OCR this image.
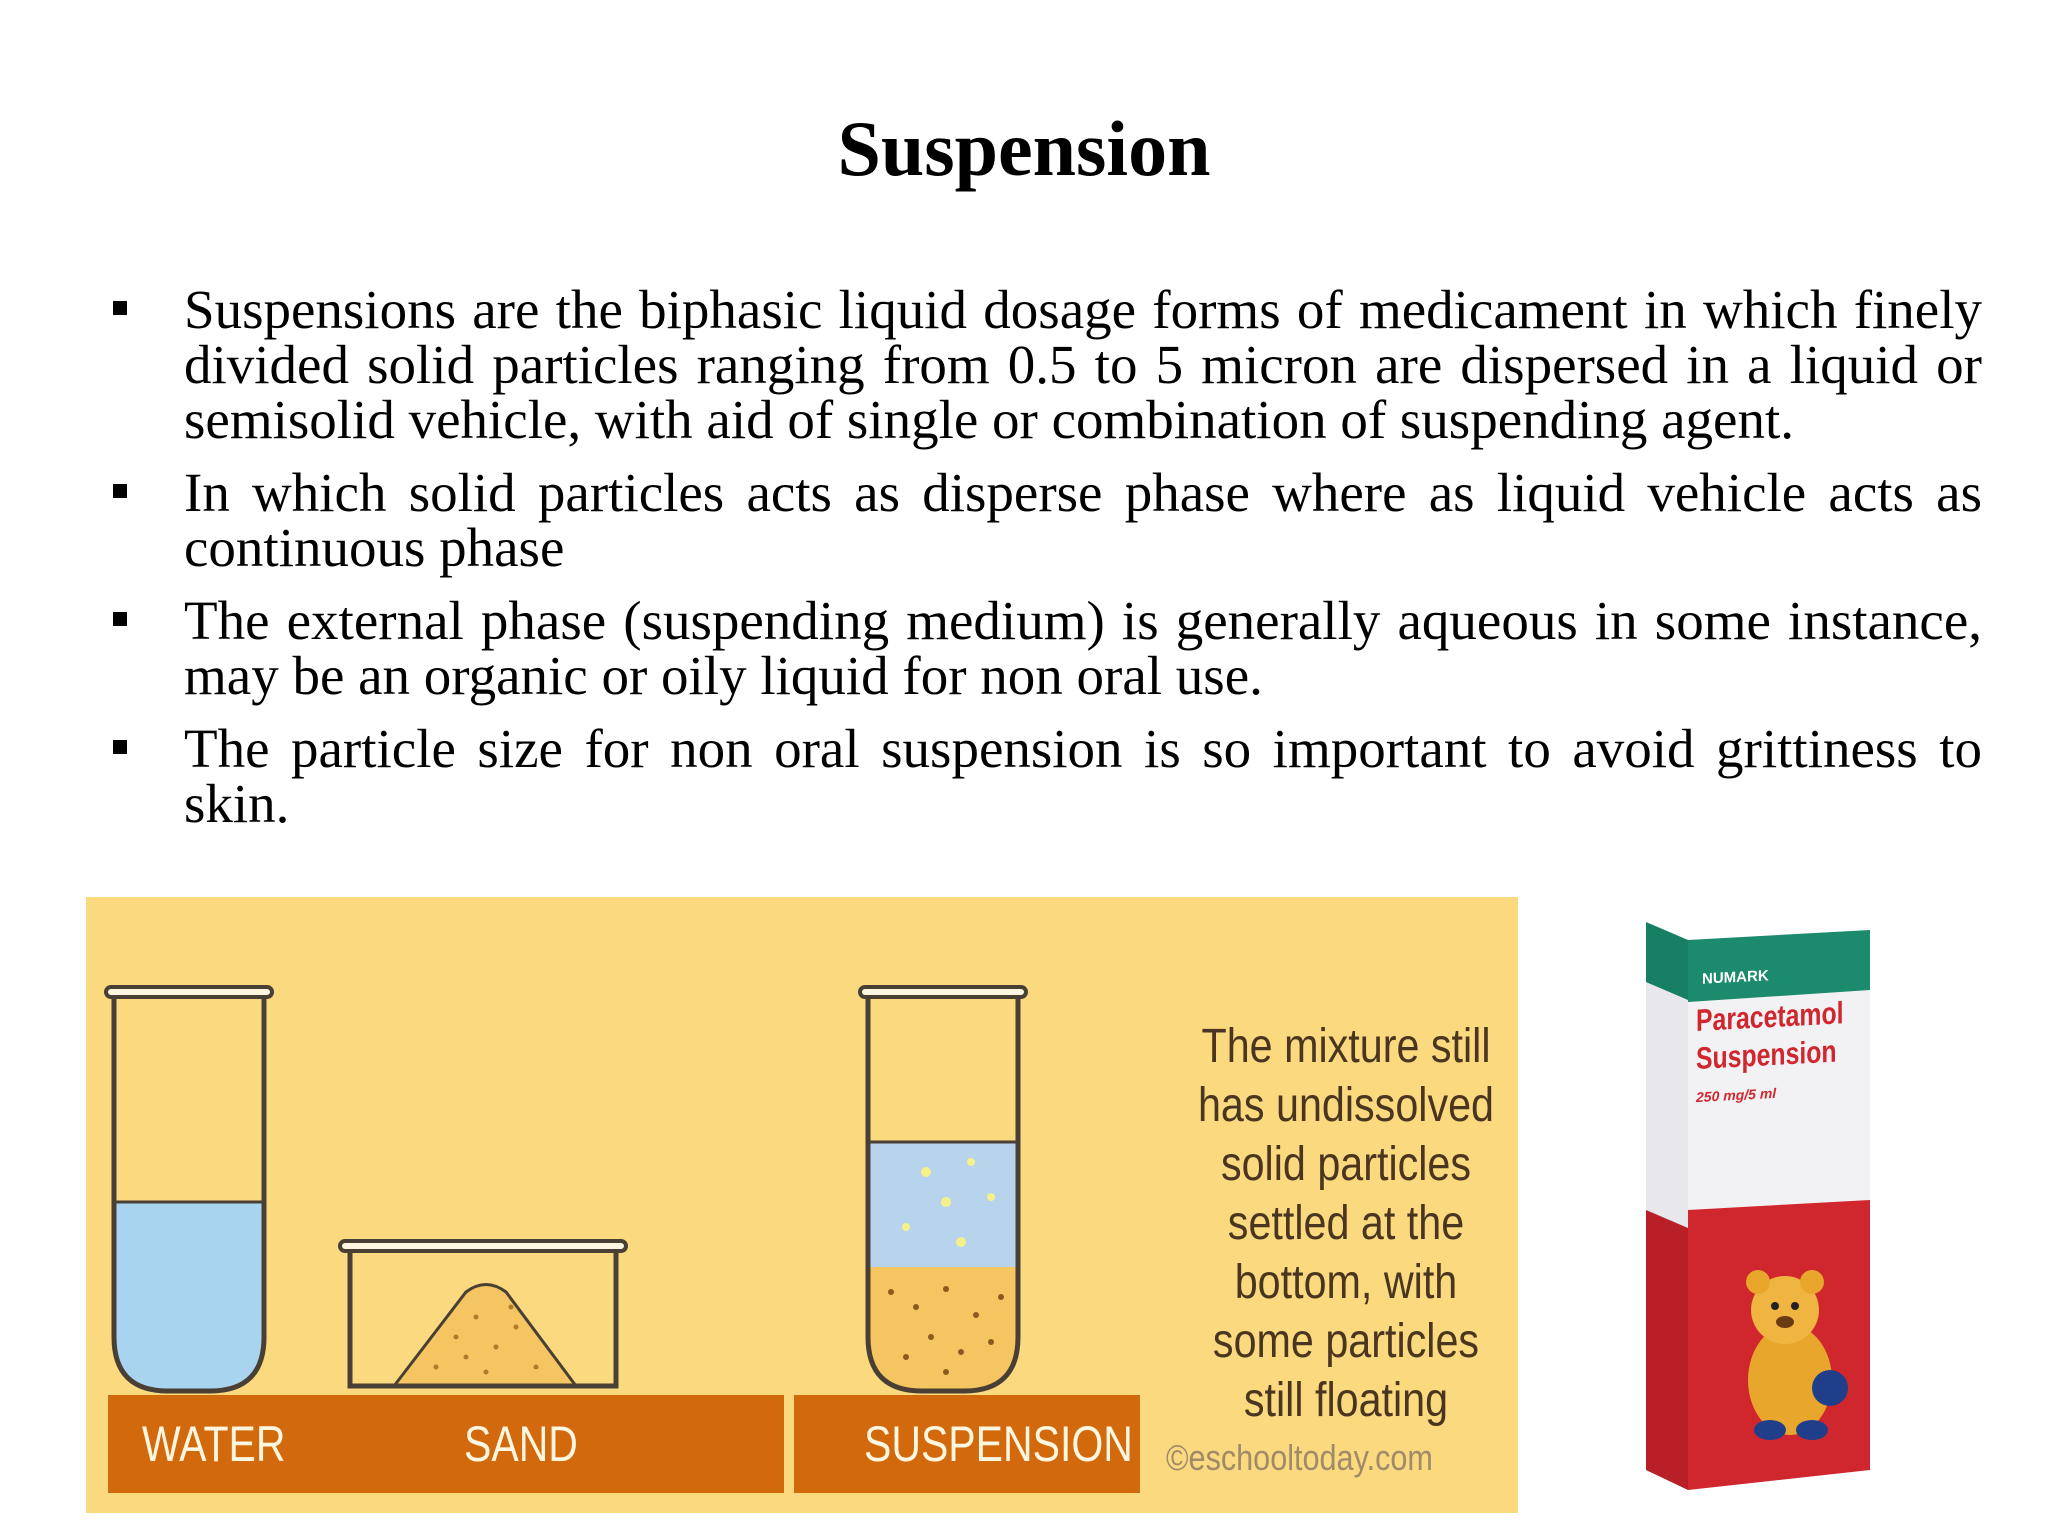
Suspension
Suspensions are the biphasic liquid dosage forms of medicament in which finely divided solid particles ranging from 0.5 to 5 micron are dispersed in a liquid or semisolid vehicle, with aid of single or combination of suspending agent.
In which solid particles acts as disperse phase where as liquid vehicle acts as continuous phase
The external phase (suspending medium) is generally aqueous in some instance, may be an organic or oily liquid for non oral use.
The particle size for non oral suspension is so important to avoid grittiness to skin.
WATER	SAND	SUSPENSION
The mixture still has undissolved solid particles settled at the bottom, with some particles still floating
©eschooltoday.com
NUMARK
Paracetamol
Suspension
250 mg/5 ml
